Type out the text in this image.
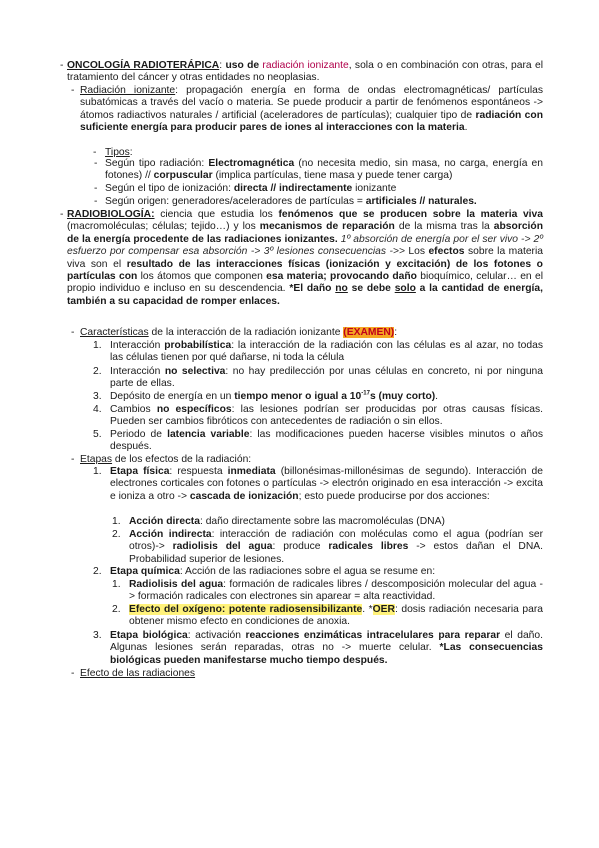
- ONCOLOGÍA RADIOTERÁPICA: uso de radiación ionizante, sola o en combinación con otras, para el tratamiento del cáncer y otras entidades no neoplasias.
- Radiación ionizante: propagación energía en forma de ondas electromagnéticas/ partículas subatómicas a través del vacío o materia. Se puede producir a partir de fenómenos espontáneos -> átomos radiactivos naturales / artificial (aceleradores de partículas); cualquier tipo de radiación con suficiente energía para producir pares de iones al interacciones con la materia.
- Tipos:
- Según tipo radiación: Electromagnética (no necesita medio, sin masa, no carga, energía en fotones) // corpuscular (implica partículas, tiene masa y puede tener carga)
- Según el tipo de ionización: directa // indirectamente ionizante
- Según origen: generadores/aceleradores de partículas = artificiales // naturales.
- RADIOBIOLOGÍA: ciencia que estudia los fenómenos que se producen sobre la materia viva (macromoléculas; células; tejido…) y los mecanismos de reparación de la misma tras la absorción de la energía procedente de las radiaciones ionizantes. 1º absorción de energía por el ser vivo -> 2º esfuerzo por compensar esa absorción -> 3º lesiones consecuencias ->> Los efectos sobre la materia viva son el resultado de las interacciones físicas (ionización y excitación) de los fotones o partículas con los átomos que componen esa materia; provocando daño bioquímico, celular… en el propio individuo e incluso en su descendencia. *El daño no se debe solo a la cantidad de energía, también a su capacidad de romper enlaces.
- Características de la interacción de la radiación ionizante (EXAMEN):
1. Interacción probabilística: la interacción de la radiación con las células es al azar, no todas las células tienen por qué dañarse, ni toda la célula
2. Interacción no selectiva: no hay predilección por unas células en concreto, ni por ninguna parte de ellas.
3. Depósito de energía en un tiempo menor o igual a $10^{-17}s$ (muy corto).
4. Cambios no específicos: las lesiones podrían ser producidas por otras causas físicas. Pueden ser cambios fibróticos con antecedentes de radiación o sin ellos.
5. Periodo de latencia variable: las modificaciones pueden hacerse visibles minutos o años después.
- Etapas de los efectos de la radiación:
1. Etapa física: respuesta inmediata (billonésimas-millonésimas de segundo). Interacción de electrones corticales con fotones o partículas -> electrón originado en esa interacción -> excita e ioniza a otro -> cascada de ionización; esto puede producirse por dos acciones:
1. Acción directa: daño directamente sobre las macromoléculas (DNA)
2. Acción indirecta: interacción de radiación con moléculas como el agua (podrían ser otros)-> radiolisis del agua: produce radicales libres -> estos dañan el DNA. Probabilidad superior de lesiones.
2. Etapa química: Acción de las radiaciones sobre el agua se resume en:
1. Radiolisis del agua: formación de radicales libres / descomposición molecular del agua -> formación radicales con electrones sin aparear = alta reactividad.
2. Efecto del oxígeno: potente radiosensibilizante. *OER: dosis radiación necesaria para obtener mismo efecto en condiciones de anoxia.
3. Etapa biológica: activación reacciones enzimáticas intracelulares para reparar el daño. Algunas lesiones serán reparadas, otras no -> muerte celular. *Las consecuencias biológicas pueden manifestarse mucho tiempo después.
- Efecto de las radiaciones
